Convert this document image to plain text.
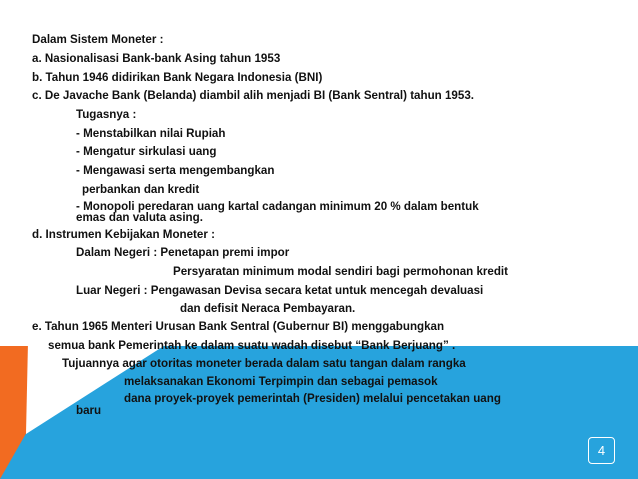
Dalam Sistem Moneter :

a. Nasionalisasi Bank-bank Asing tahun 1953

b. Tahun 1946 didirikan Bank Negara Indonesia (BNI)

c. De Javache Bank (Belanda) diambil alih menjadi BI (Bank Sentral) tahun 1953.

Tugasnya :

- Menstabilkan nilai Rupiah

- Mengatur sirkulasi uang

- Mengawasi serta mengembangkan

perbankan dan kredit

- Monopoli peredaran uang kartal cadangan minimum 20 % dalam bentuk

emas dan valuta asing.

d. Instrumen Kebijakan Moneter :

Dalam Negeri : Penetapan premi impor

Persyaratan minimum modal sendiri bagi permohonan kredit

Luar Negeri : Pengawasan Devisa secara ketat untuk mencegah devaluasi

dan defisit Neraca Pembayaran.

e. Tahun 1965 Menteri Urusan Bank Sentral (Gubernur BI) menggabungkan

semua bank Pemerintah ke dalam suatu wadah disebut “Bank Berjuang” .

Tujuannya agar otoritas moneter berada dalam satu tangan dalam rangka

melaksanakan Ekonomi Terpimpin dan sebagai pemasok

dana proyek-proyek pemerintah (Presiden) melalui pencetakan uang

baru

4
